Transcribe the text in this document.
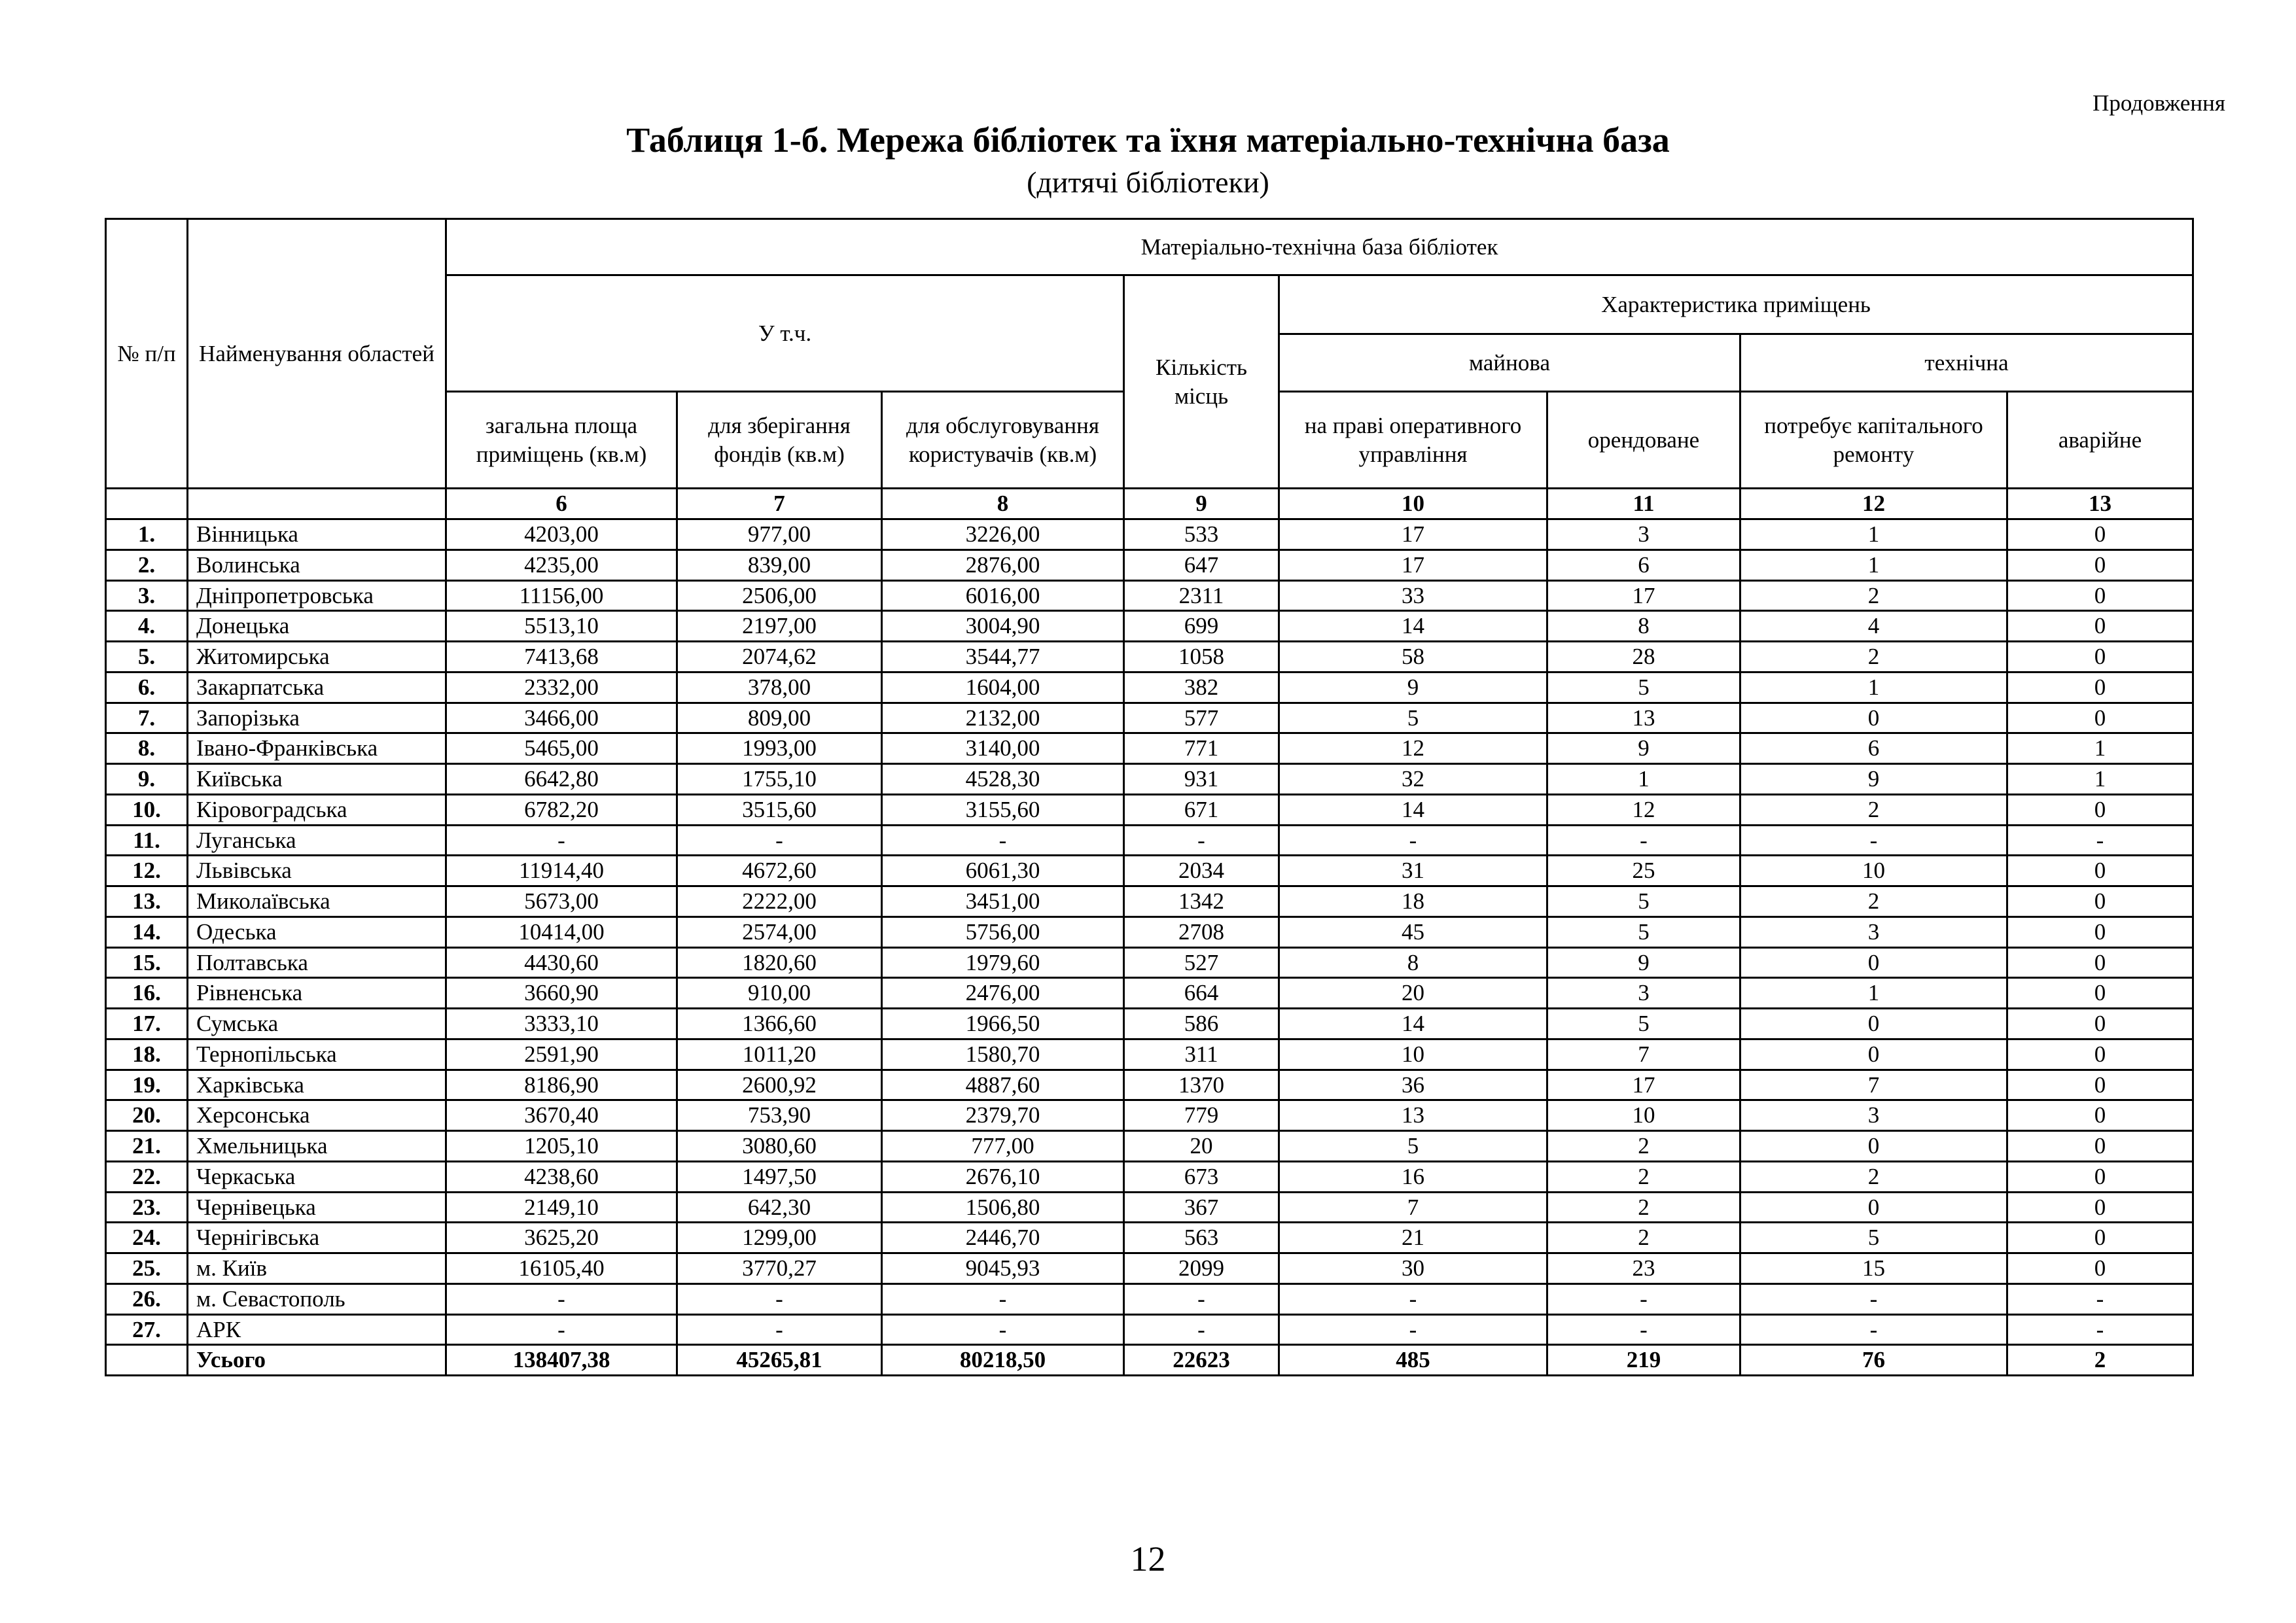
Продовження
Таблиця 1-б. Мережа бібліотек та їхня матеріально-технічна база
(дитячі бібліотеки)
№ п/п	Найменування областей	Матеріально-технічна база бібліотек							
		У т.ч.			Кількість місць	Характеристика приміщень			
						майнова		технічна	
		загальна площа приміщень (кв.м)	для зберігання фондів (кв.м)	для обслуговування користувачів (кв.м)		на праві оперативного управління	орендоване	потребує капітального ремонту	аварійне
		6	7	8	9	10	11	12	13
1.	Вінницька	4203,00	977,00	3226,00	533	17	3	1	0
2.	Волинська	4235,00	839,00	2876,00	647	17	6	1	0
3.	Дніпропетровська	11156,00	2506,00	6016,00	2311	33	17	2	0
4.	Донецька	5513,10	2197,00	3004,90	699	14	8	4	0
5.	Житомирська	7413,68	2074,62	3544,77	1058	58	28	2	0
6.	Закарпатська	2332,00	378,00	1604,00	382	9	5	1	0
7.	Запорізька	3466,00	809,00	2132,00	577	5	13	0	0
8.	Івано-Франківська	5465,00	1993,00	3140,00	771	12	9	6	1
9.	Київська	6642,80	1755,10	4528,30	931	32	1	9	1
10.	Кіровоградська	6782,20	3515,60	3155,60	671	14	12	2	0
11.	Луганська	-	-	-	-	-	-	-	-
12.	Львівська	11914,40	4672,60	6061,30	2034	31	25	10	0
13.	Миколаївська	5673,00	2222,00	3451,00	1342	18	5	2	0
14.	Одеська	10414,00	2574,00	5756,00	2708	45	5	3	0
15.	Полтавська	4430,60	1820,60	1979,60	527	8	9	0	0
16.	Рівненська	3660,90	910,00	2476,00	664	20	3	1	0
17.	Сумська	3333,10	1366,60	1966,50	586	14	5	0	0
18.	Тернопільська	2591,90	1011,20	1580,70	311	10	7	0	0
19.	Харківська	8186,90	2600,92	4887,60	1370	36	17	7	0
20.	Херсонська	3670,40	753,90	2379,70	779	13	10	3	0
21.	Хмельницька	1205,10	3080,60	777,00	20	5	2	0	0
22.	Черкаська	4238,60	1497,50	2676,10	673	16	2	2	0
23.	Чернівецька	2149,10	642,30	1506,80	367	7	2	0	0
24.	Чернігівська	3625,20	1299,00	2446,70	563	21	2	5	0
25.	м. Київ	16105,40	3770,27	9045,93	2099	30	23	15	0
26.	м. Севастополь	-	-	-	-	-	-	-	-
27.	АРК	-	-	-	-	-	-	-	-
	Усього	138407,38	45265,81	80218,50	22623	485	219	76	2
12
